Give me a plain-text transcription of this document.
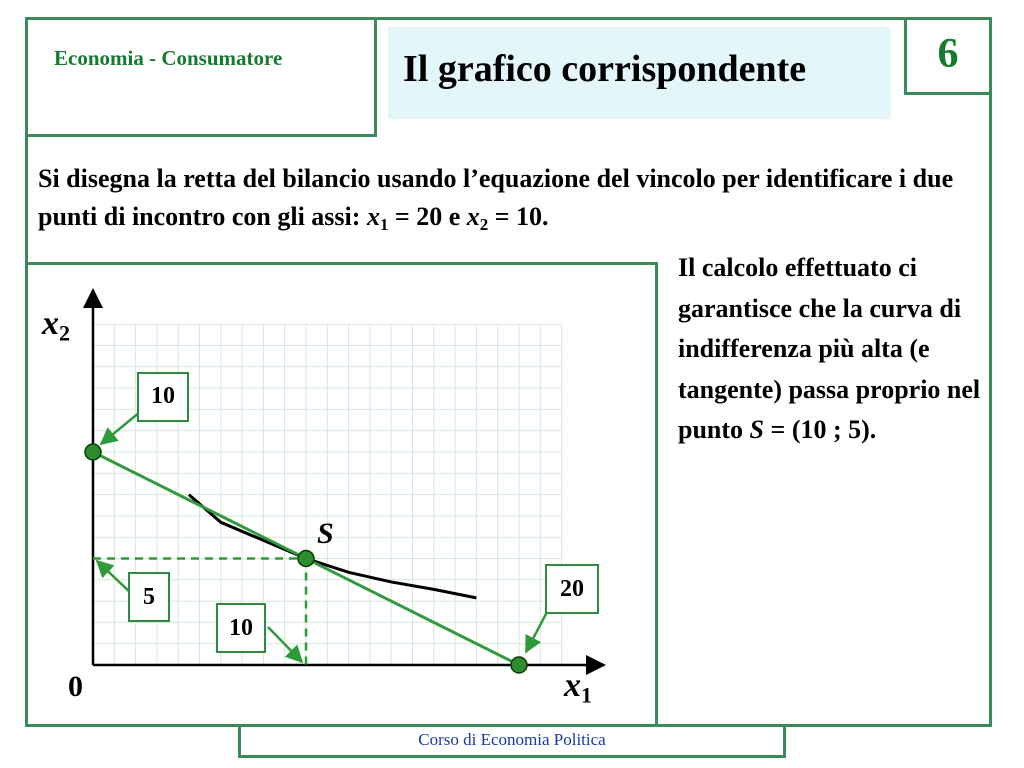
Economia - Consumatore	Il grafico corrispondente	6
Si disegna la retta del bilancio usando l’equazione del vincolo per identificare i due punti di incontro con gli assi: $x_1 = 20$ e $x_2 = 10$.
$x_2$
$x_1$
0
S
10
5
10
20
Il calcolo effettuato ci garantisce che la curva di indifferenza più alta (e tangente) passa proprio nel punto S = (10 ; 5).
Corso di Economia Politica
